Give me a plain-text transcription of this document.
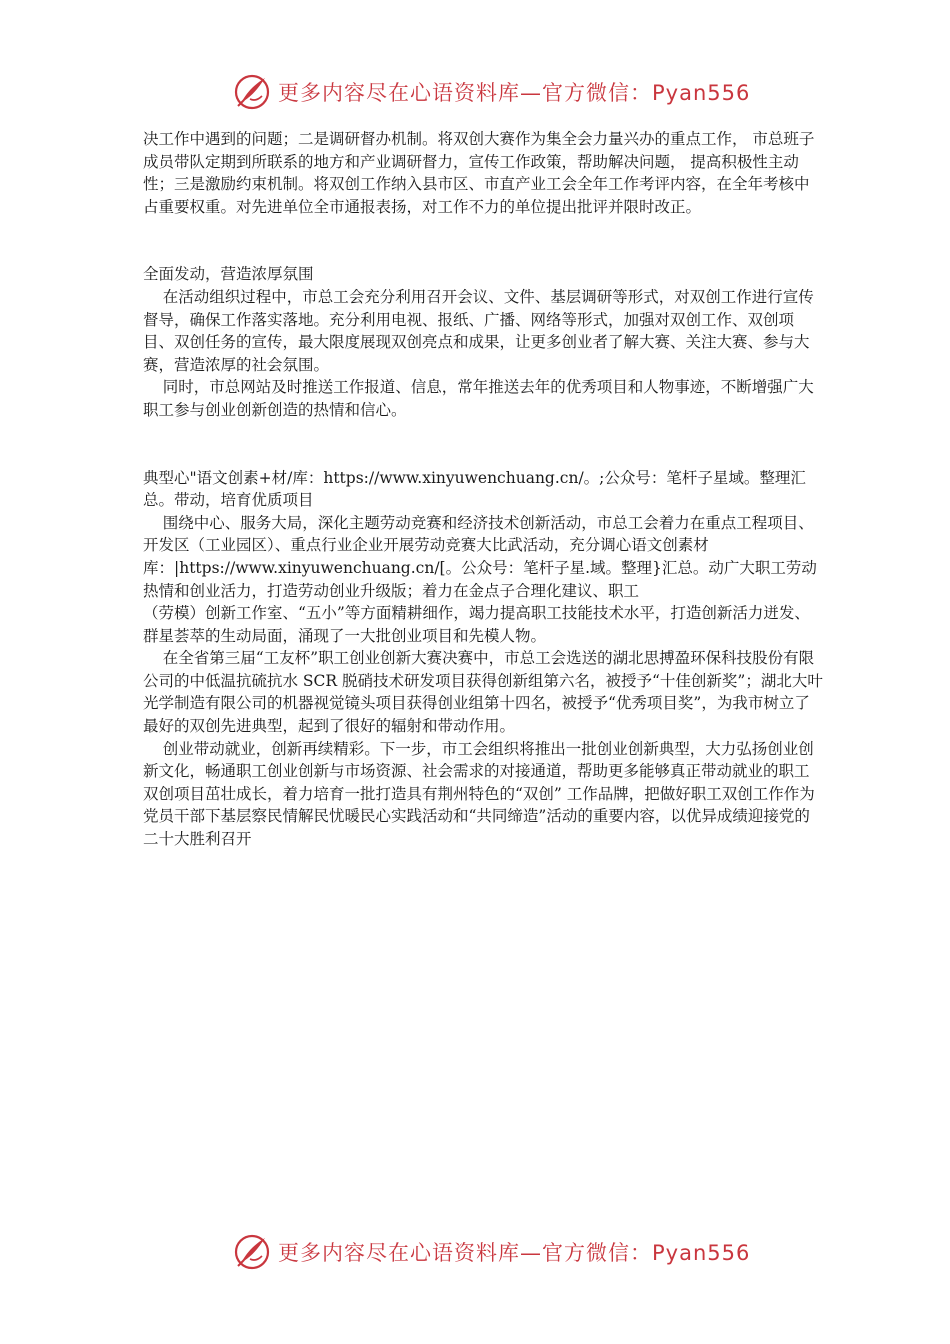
更多内容尽在心语资料库—官方微信：Pyan556

决工作中遇到的问题；二是调研督办机制。将双创大赛作为集全会力量兴办的重点工作， 市总班子成员带队定期到所联系的地方和产业调研督力，宣传工作政策，帮助解决问题， 提高积极性主动性；三是激励约束机制。将双创工作纳入县市区、市直产业工会全年工作考评内容，在全年考核中占重要权重。对先进单位全市通报表扬，对工作不力的单位提出批评并限时改正。

全面发动，营造浓厚氛围

在活动组织过程中，市总工会充分利用召开会议、文件、基层调研等形式，对双创工作进行宣传督导，确保工作落实落地。充分利用电视、报纸、广播、网络等形式，加强对双创工作、双创项目、双创任务的宣传，最大限度展现双创亮点和成果，让更多创业者了解大赛、关注大赛、参与大赛，营造浓厚的社会氛围。

同时，市总网站及时推送工作报道、信息，常年推送去年的优秀项目和人物事迹，不断增强广大职工参与创业创新创造的热情和信心。

典型心"语文创素+材/库：https://www.xinyuwenchuang.cn/。;公众号：笔杆子星域。整理汇总。带动，培育优质项目

围绕中心、服务大局，深化主题劳动竞赛和经济技术创新活动，市总工会着力在重点工程项目、开发区（工业园区）、重点行业企业开展劳动竞赛大比武活动，充分调心语文创素材库：|https://www.xinyuwenchuang.cn/[。公众号：笔杆子星.域。整理}汇总。动广大职工劳动热情和创业活力，打造劳动创业升级版；着力在金点子合理化建议、职工

（劳模）创新工作室、“五小”等方面精耕细作，竭力提高职工技能技术水平，打造创新活力迸发、群星荟萃的生动局面，涌现了一大批创业项目和先模人物。

在全省第三届“工友杯”职工创业创新大赛决赛中，市总工会选送的湖北思搏盈环保科技股份有限公司的中低温抗硫抗水 SCR 脱硝技术研发项目获得创新组第六名，被授予“十佳创新奖”；湖北大叶光学制造有限公司的机器视觉镜头项目获得创业组第十四名，被授予“优秀项目奖”，为我市树立了最好的双创先进典型，起到了很好的辐射和带动作用。

创业带动就业，创新再续精彩。下一步，市工会组织将推出一批创业创新典型，大力弘扬创业创新文化，畅通职工创业创新与市场资源、社会需求的对接通道，帮助更多能够真正带动就业的职工双创项目茁壮成长，着力培育一批打造具有荆州特色的“双创” 工作品牌，把做好职工双创工作作为党员干部下基层察民情解民忧暖民心实践活动和“共同缔造”活动的重要内容，以优异成绩迎接党的二十大胜利召开

更多内容尽在心语资料库—官方微信：Pyan556
